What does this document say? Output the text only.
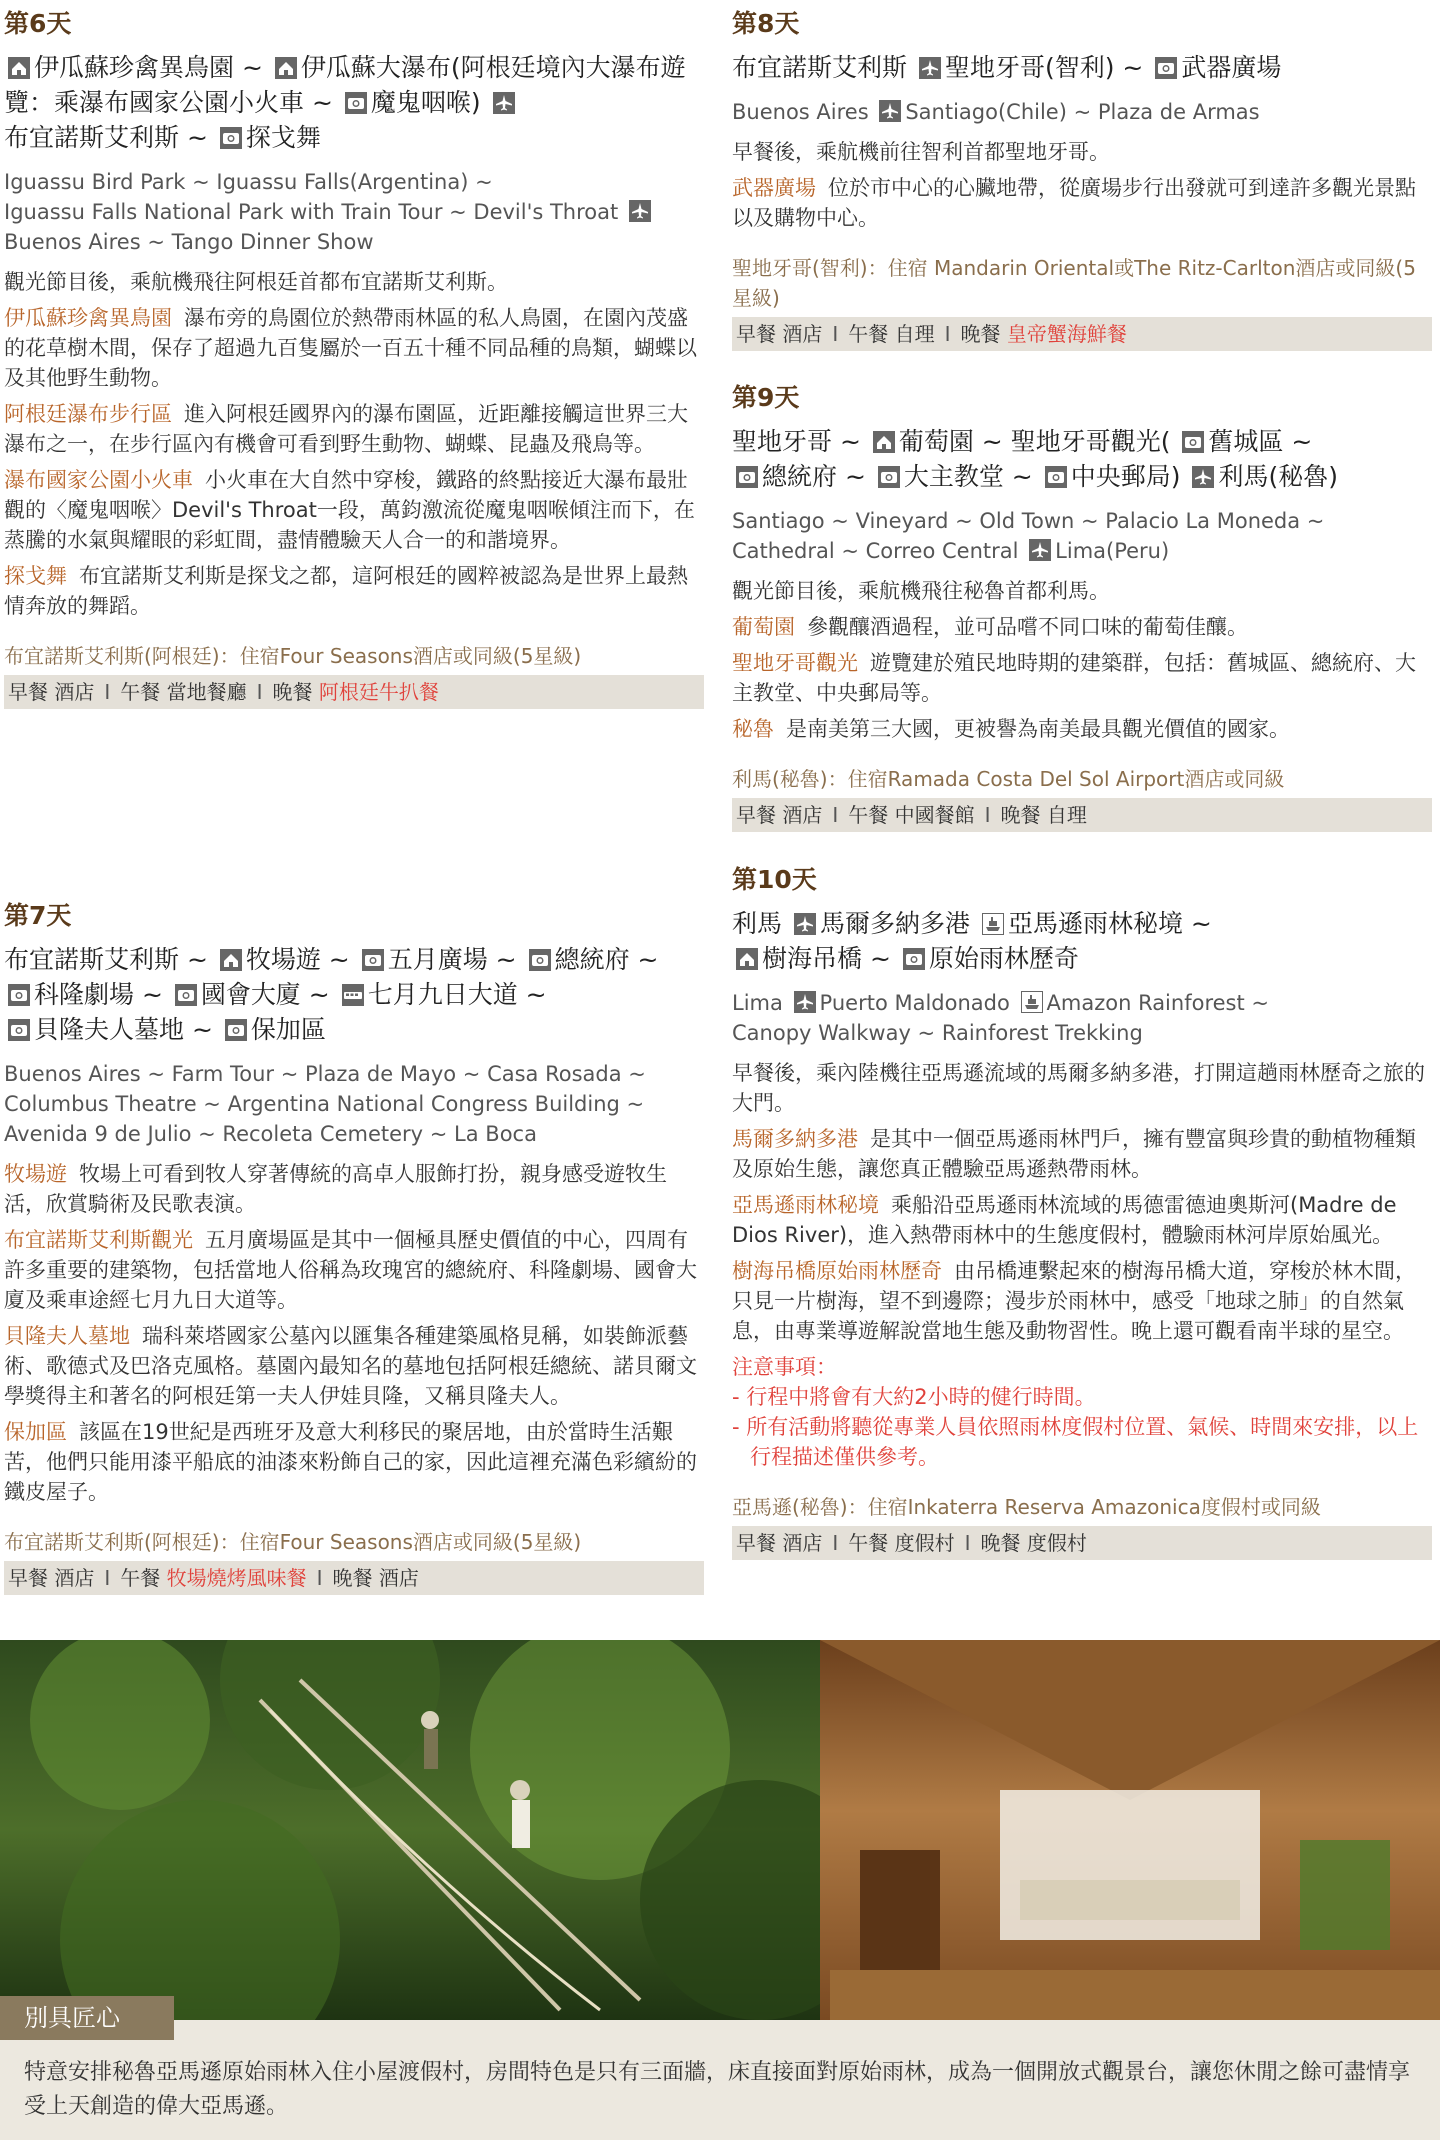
第6天
伊瓜蘇珍禽異鳥園 ~ 伊瓜蘇大瀑布(阿根廷境內大瀑布遊覽：乘瀑布國家公園小火車 ~ 魔鬼咽喉)
布宜諾斯艾利斯 ~ 探戈舞
Iguassu Bird Park ~ Iguassu Falls(Argentina) ~
Iguassu Falls National Park with Train Tour ~ Devil's Throat
Buenos Aires ~ Tango Dinner Show
觀光節目後，乘航機飛往阿根廷首都布宜諾斯艾利斯。
伊瓜蘇珍禽異鳥園 瀑布旁的鳥園位於熱帶雨林區的私人鳥園，在園內茂盛的花草樹木間，保存了超過九百隻屬於一百五十種不同品種的鳥類，蝴蝶以及其他野生動物。
阿根廷瀑布步行區 進入阿根廷國界內的瀑布園區，近距離接觸這世界三大瀑布之一，在步行區內有機會可看到野生動物、蝴蝶、昆蟲及飛鳥等。
瀑布國家公園小火車 小火車在大自然中穿梭，鐵路的終點接近大瀑布最壯觀的〈魔鬼咽喉〉Devil's Throat一段，萬鈞激流從魔鬼咽喉傾注而下，在蒸騰的水氣與耀眼的彩虹間，盡情體驗天人合一的和諧境界。
探戈舞 布宜諾斯艾利斯是探戈之都，這阿根廷的國粹被認為是世界上最熱情奔放的舞蹈。
布宜諾斯艾利斯(阿根廷)：住宿Four Seasons酒店或同級(5星級)
早餐 酒店 I 午餐 當地餐廳 I 晚餐 阿根廷牛扒餐
第7天
布宜諾斯艾利斯 ~ 牧場遊 ~ 五月廣場 ~ 總統府 ~
科隆劇場 ~ 國會大廈 ~ 七月九日大道 ~
貝隆夫人墓地 ~ 保加區
Buenos Aires ~ Farm Tour ~ Plaza de Mayo ~ Casa Rosada ~
Columbus Theatre ~ Argentina National Congress Building ~
Avenida 9 de Julio ~ Recoleta Cemetery ~ La Boca
牧場遊 牧場上可看到牧人穿著傳統的高卓人服飾打扮，親身感受遊牧生活，欣賞騎術及民歌表演。
布宜諾斯艾利斯觀光 五月廣場區是其中一個極具歷史價值的中心，四周有許多重要的建築物，包括當地人俗稱為玫瑰宮的總統府、科隆劇場、國會大廈及乘車途經七月九日大道等。
貝隆夫人墓地 瑞科萊塔國家公墓內以匯集各種建築風格見稱，如裝飾派藝術、歌德式及巴洛克風格。墓園內最知名的墓地包括阿根廷總統、諾貝爾文學獎得主和著名的阿根廷第一夫人伊娃貝隆，又稱貝隆夫人。
保加區 該區在19世紀是西班牙及意大利移民的聚居地，由於當時生活艱苦，他們只能用漆平船底的油漆來粉飾自己的家，因此這裡充滿色彩繽紛的鐵皮屋子。
布宜諾斯艾利斯(阿根廷)：住宿Four Seasons酒店或同級(5星級)
早餐 酒店 I 午餐 牧場燒烤風味餐 I 晚餐 酒店
第8天
布宜諾斯艾利斯 聖地牙哥(智利) ~ 武器廣場
Buenos Aires Santiago(Chile) ~ Plaza de Armas
早餐後，乘航機前往智利首都聖地牙哥。
武器廣場 位於市中心的心臟地帶，從廣場步行出發就可到達許多觀光景點以及購物中心。
聖地牙哥(智利)：住宿 Mandarin Oriental或The Ritz-Carlton酒店或同級(5星級)
早餐 酒店 I 午餐 自理 I 晚餐 皇帝蟹海鮮餐
第9天
聖地牙哥 ~ 葡萄園 ~ 聖地牙哥觀光( 舊城區 ~
總統府 ~ 大主教堂 ~ 中央郵局) 利馬(秘魯)
Santiago ~ Vineyard ~ Old Town ~ Palacio La Moneda ~
Cathedral ~ Correo Central Lima(Peru)
觀光節目後，乘航機飛往秘魯首都利馬。
葡萄園 參觀釀酒過程，並可品嚐不同口味的葡萄佳釀。
聖地牙哥觀光 遊覽建於殖民地時期的建築群，包括：舊城區、總統府、大主教堂、中央郵局等。
秘魯 是南美第三大國，更被譽為南美最具觀光價值的國家。
利馬(秘魯)：住宿Ramada Costa Del Sol Airport酒店或同級
早餐 酒店 I 午餐 中國餐館 I 晚餐 自理
第10天
利馬 馬爾多納多港 亞馬遜雨林秘境 ~
樹海吊橋 ~ 原始雨林歷奇
Lima Puerto Maldonado Amazon Rainforest ~
Canopy Walkway ~ Rainforest Trekking
早餐後，乘內陸機往亞馬遜流域的馬爾多納多港，打開這趟雨林歷奇之旅的大門。
馬爾多納多港 是其中一個亞馬遜雨林門戶，擁有豐富與珍貴的動植物種類及原始生態，讓您真正體驗亞馬遜熱帶雨林。
亞馬遜雨林秘境 乘船沿亞馬遜雨林流域的馬德雷德迪奧斯河(Madre de Dios River)，進入熱帶雨林中的生態度假村，體驗雨林河岸原始風光。
樹海吊橋原始雨林歷奇 由吊橋連繫起來的樹海吊橋大道，穿梭於林木間，只見一片樹海，望不到邊際；漫步於雨林中，感受「地球之肺」的自然氣息，由專業導遊解說當地生態及動物習性。晚上還可觀看南半球的星空。
注意事項：
- 行程中將會有大約2小時的健行時間。
- 所有活動將聽從專業人員依照雨林度假村位置、氣候、時間來安排，以上行程描述僅供參考。
亞馬遜(秘魯)：住宿Inkaterra Reserva Amazonica度假村或同級
早餐 酒店 I 午餐 度假村 I 晚餐 度假村
別具匠心
特意安排秘魯亞馬遜原始雨林入住小屋渡假村，房間特色是只有三面牆，床直接面對原始雨林，成為一個開放式觀景台，讓您休閒之餘可盡情享受上天創造的偉大亞馬遜。
